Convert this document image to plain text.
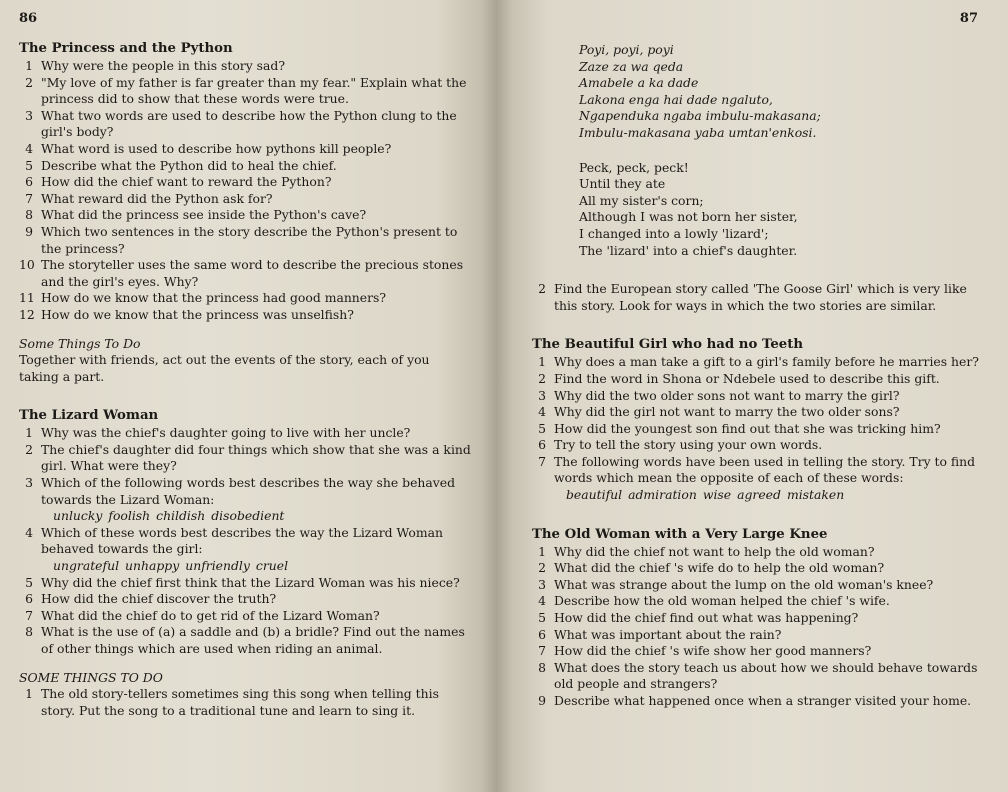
86
The Princess and the Python
1 Why were the people in this story sad?
2 "My love of my father is far greater than my fear." Explain what the princess did to show that these words were true.
3 What two words are used to describe how the Python clung to the girl's body?
4 What word is used to describe how pythons kill people?
5 Describe what the Python did to heal the chief.
6 How did the chief want to reward the Python?
7 What reward did the Python ask for?
8 What did the princess see inside the Python's cave?
9 Which two sentences in the story describe the Python's present to the princess?
10 The storyteller uses the same word to describe the precious stones and the girl's eyes. Why?
11 How do we know that the princess had good manners?
12 How do we know that the princess was unselfish?

Some Things To Do

Together with friends, act out the events of the story, each of you taking a part.

The Lizard Woman
1 Why was the chief's daughter going to live with her uncle?
2 The chief's daughter did four things which show that she was a kind girl. What were they?
3 Which of the following words best describes the way she behaved towards the Lizard Woman:
unlucky foolish childish disobedient
4 Which of these words best describes the way the Lizard Woman behaved towards the girl:
ungrateful unhappy unfriendly cruel
5 Why did the chief first think that the Lizard Woman was his niece?
6 How did the chief discover the truth?
7 What did the chief do to get rid of the Lizard Woman?
8 What is the use of (a) a saddle and (b) a bridle? Find out the names of other things which are used when riding an animal.

SOME THINGS TO DO

1 The old story-tellers sometimes sing this song when telling this story. Put the song to a traditional tune and learn to sing it.
87

Poyi, poyi, poyi

Zaze za wa qeda

Amabele a ka dade

Lakona enga hai dade ngaluto,

Ngapenduka ngaba imbulu-makasana;

Imbulu-makasana yaba umtan'enkosi.

Peck, peck, peck!

Until they ate

All my sister's corn;

Although I was not born her sister,

I changed into a lowly 'lizard';

The 'lizard' into a chief's daughter.

2 Find the European story called 'The Goose Girl' which is very like this story. Look for ways in which the two stories are similar.
The Beautiful Girl who had no Teeth
1 Why does a man take a gift to a girl's family before he marries her?
2 Find the word in Shona or Ndebele used to describe this gift.
3 Why did the two older sons not want to marry the girl?
4 Why did the girl not want to marry the two older sons?
5 How did the youngest son find out that she was tricking him?
6 Try to tell the story using your own words.
7 The following words have been used in telling the story. Try to find words which mean the opposite of each of these words:
beautiful admiration wise agreed mistaken
The Old Woman with a Very Large Knee
1 Why did the chief not want to help the old woman?
2 What did the chief 's wife do to help the old woman?
3 What was strange about the lump on the old woman's knee?
4 Describe how the old woman helped the chief 's wife.
5 How did the chief find out what was happening?
6 What was important about the rain?
7 How did the chief 's wife show her good manners?
8 What does the story teach us about how we should behave towards old people and strangers?
9 Describe what happened once when a stranger visited your home.
